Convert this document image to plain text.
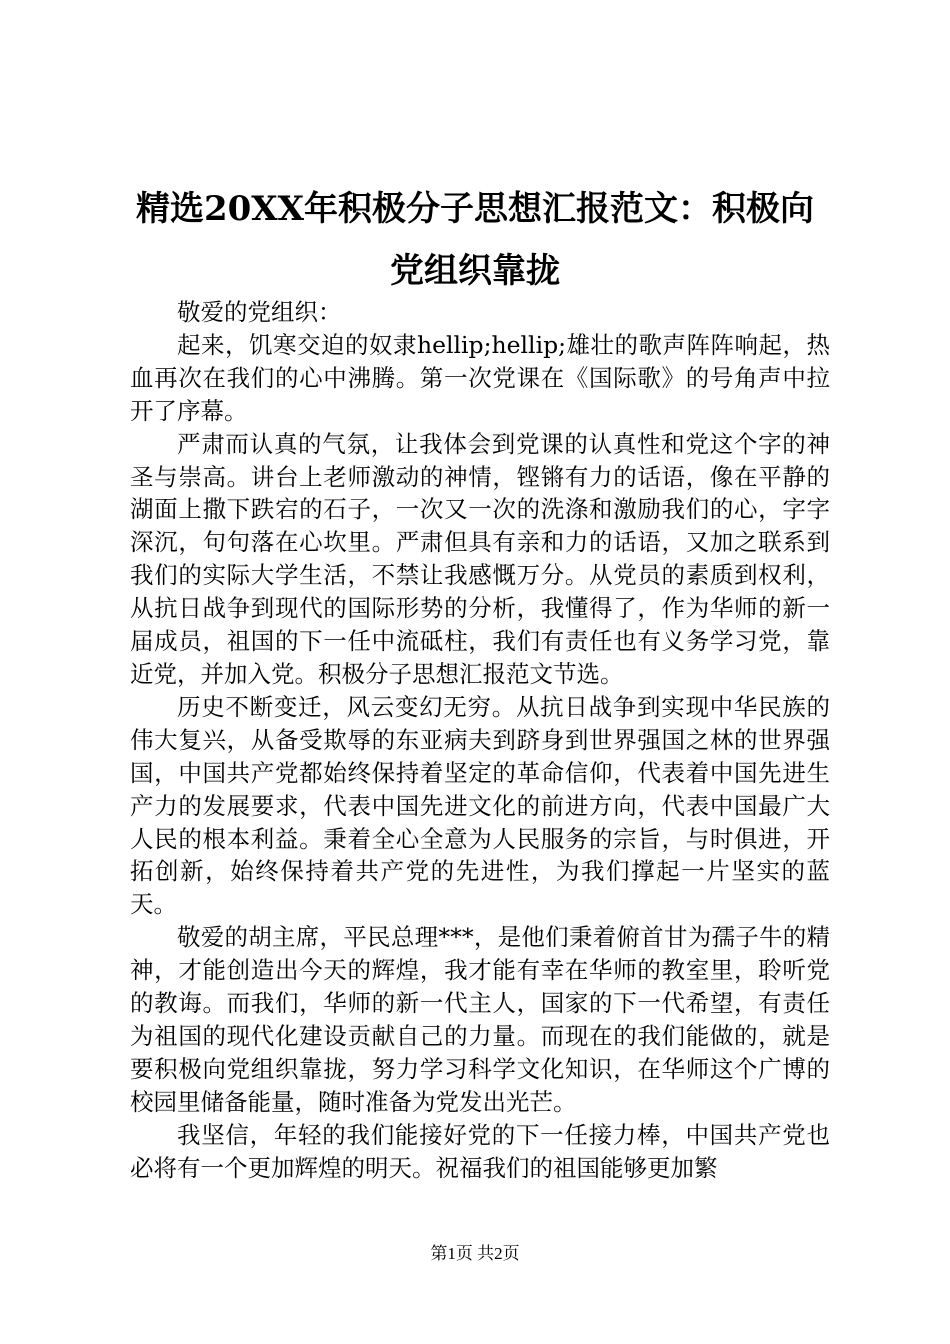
精选20XX年积极分子思想汇报范文：积极向
党组织靠拢

敬爱的党组织：

起来，饥寒交迫的奴隶hellip;hellip;雄壮的歌声阵阵响起，热血再次在我们的心中沸腾。第一次党课在《国际歌》的号角声中拉开了序幕。

严肃而认真的气氛，让我体会到党课的认真性和党这个字的神圣与崇高。讲台上老师激动的神情，铿锵有力的话语，像在平静的湖面上撒下跌宕的石子，一次又一次的洗涤和激励我们的心，字字深沉，句句落在心坎里。严肃但具有亲和力的话语，又加之联系到我们的实际大学生活，不禁让我感慨万分。从党员的素质到权利，从抗日战争到现代的国际形势的分析，我懂得了，作为华师的新一届成员，祖国的下一任中流砥柱，我们有责任也有义务学习党，靠近党，并加入党。积极分子思想汇报范文节选。

历史不断变迁，风云变幻无穷。从抗日战争到实现中华民族的伟大复兴，从备受欺辱的东亚病夫到跻身到世界强国之林的世界强国，中国共产党都始终保持着坚定的革命信仰，代表着中国先进生产力的发展要求，代表中国先进文化的前进方向，代表中国最广大人民的根本利益。秉着全心全意为人民服务的宗旨，与时俱进，开拓创新，始终保持着共产党的先进性，为我们撑起一片坚实的蓝天。

敬爱的胡主席，平民总理***，是他们秉着俯首甘为孺子牛的精神，才能创造出今天的辉煌，我才能有幸在华师的教室里，聆听党的教诲。而我们，华师的新一代主人，国家的下一代希望，有责任为祖国的现代化建设贡献自己的力量。而现在的我们能做的，就是要积极向党组织靠拢，努力学习科学文化知识，在华师这个广博的校园里储备能量，随时准备为党发出光芒。

我坚信，年轻的我们能接好党的下一任接力棒，中国共产党也必将有一个更加辉煌的明天。祝福我们的祖国能够更加繁

第1页 共2页
